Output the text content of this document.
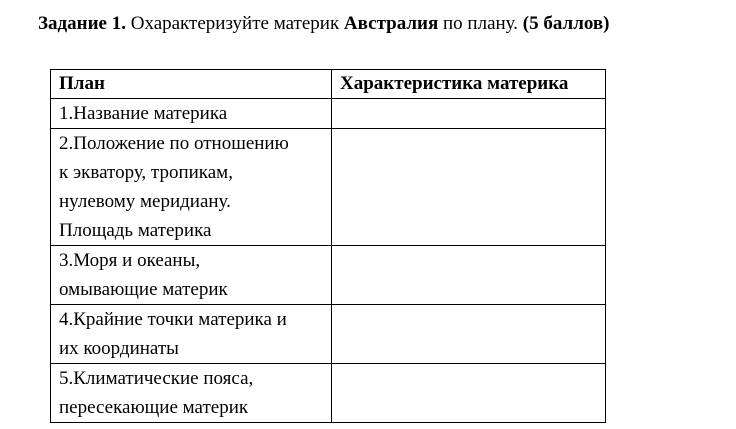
Задание 1. Охарактеризуйте материк Австралия по плану. (5 баллов)
План	Характеристика материка

1.Название материка	

2.Положение по отношению
к экватору, тропикам,
нулевому меридиану.
Площадь материка	

3.Моря и океаны,
омывающие материк	

4.Крайние точки материка и
их координаты	

5.Климатические пояса,
пересекающие материк	
